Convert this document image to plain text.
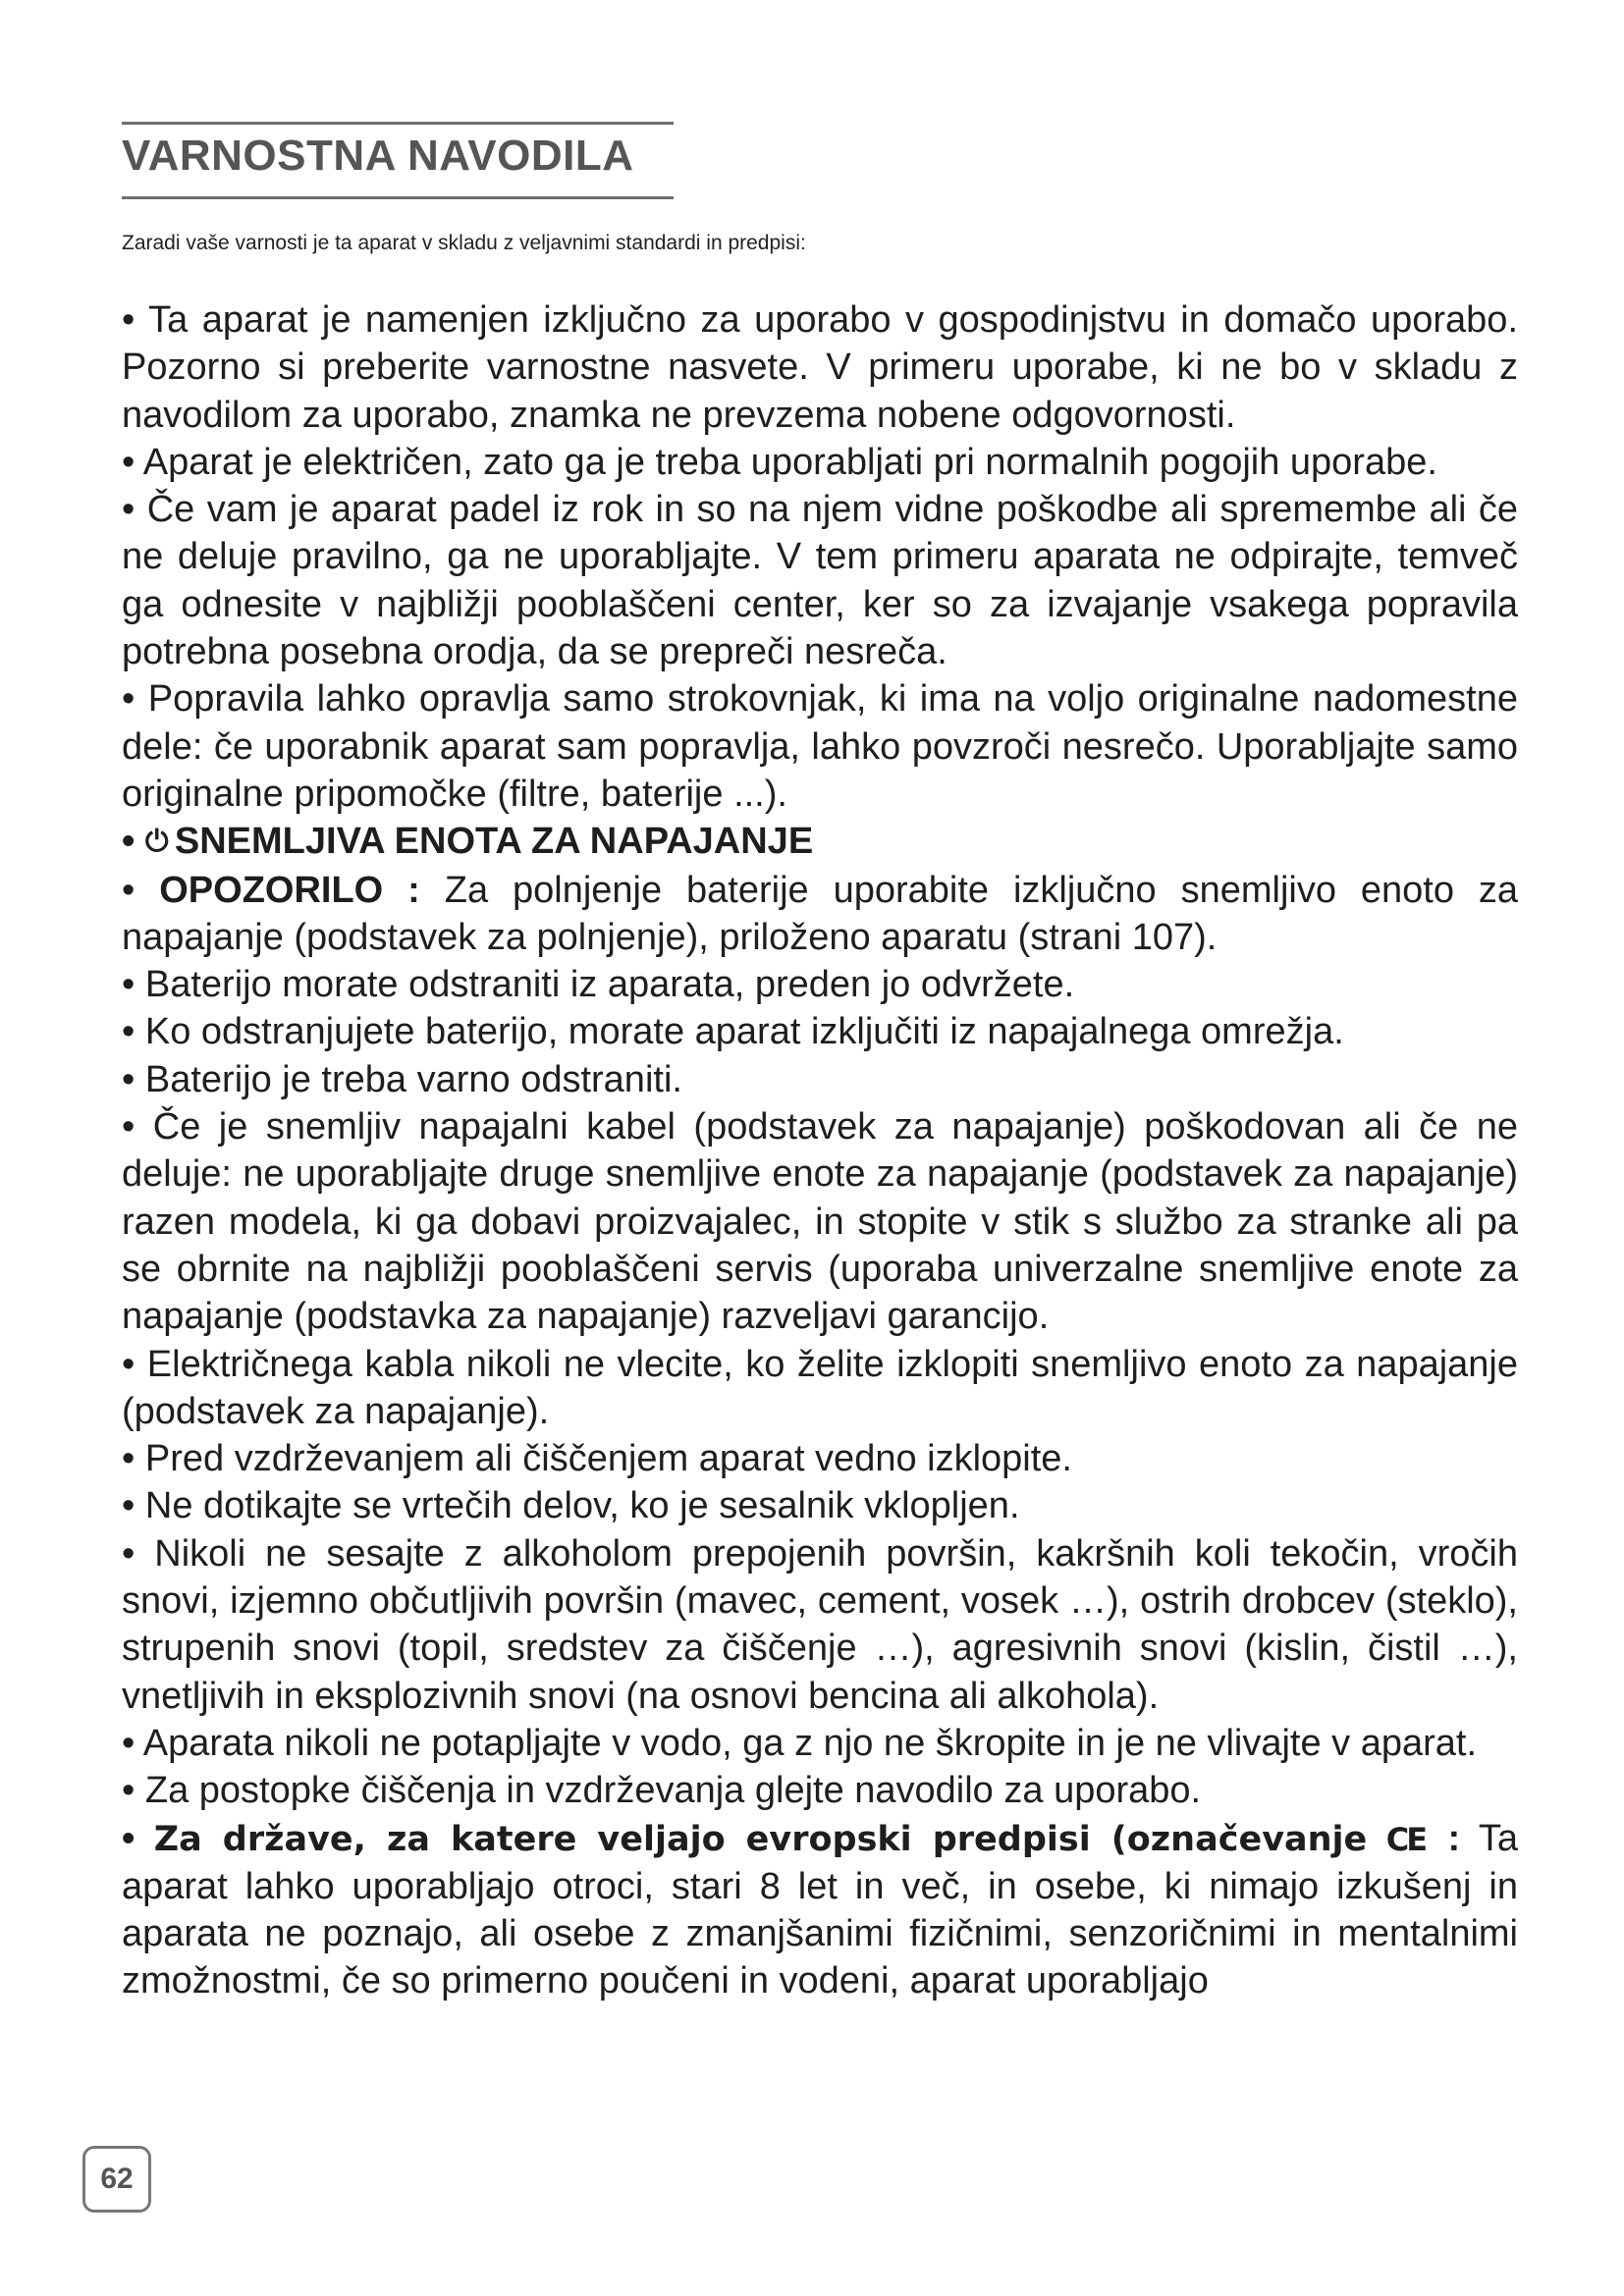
VARNOSTNA NAVODILA

Zaradi vaše varnosti je ta aparat v skladu z veljavnimi standardi in predpisi:

• Ta aparat je namenjen izključno za uporabo v gospodinjstvu in domačo uporabo. Pozorno si preberite varnostne nasvete. V primeru uporabe, ki ne bo v skladu z navodilom za uporabo, znamka ne prevzema nobene odgovornosti.

• Aparat je električen, zato ga je treba uporabljati pri normalnih pogojih uporabe.

• Če vam je aparat padel iz rok in so na njem vidne poškodbe ali spremembe ali če ne deluje pravilno, ga ne uporabljajte. V tem primeru aparata ne odpirajte, temveč ga odnesite v najbližji pooblaščeni center, ker so za izvajanje vsakega popravila potrebna posebna orodja, da se prepreči nesreča.

• Popravila lahko opravlja samo strokovnjak, ki ima na voljo originalne nadomestne dele: če uporabnik aparat sam popravlja, lahko povzroči nesrečo. Uporabljajte samo originalne pripomočke (filtre, baterije ...).

• ⏻ SNEMLJIVA ENOTA ZA NAPAJANJE

• OPOZORILO : Za polnjenje baterije uporabite izključno snemljivo enoto za napajanje (podstavek za polnjenje), priloženo aparatu (strani 107).

• Baterijo morate odstraniti iz aparata, preden jo odvržete.

• Ko odstranjujete baterijo, morate aparat izključiti iz napajalnega omrežja.

• Baterijo je treba varno odstraniti.

• Če je snemljiv napajalni kabel (podstavek za napajanje) poškodovan ali če ne deluje: ne uporabljajte druge snemljive enote za napajanje (podstavek za napajanje) razen modela, ki ga dobavi proizvajalec, in stopite v stik s službo za stranke ali pa se obrnite na najbližji pooblaščeni servis (uporaba univerzalne snemljive enote za napajanje (podstavka za napajanje) razveljavi garancijo.

• Električnega kabla nikoli ne vlecite, ko želite izklopiti snemljivo enoto za napajanje (podstavek za napajanje).

• Pred vzdrževanjem ali čiščenjem aparat vedno izklopite.

• Ne dotikajte se vrtečih delov, ko je sesalnik vklopljen.

• Nikoli ne sesajte z alkoholom prepojenih površin, kakršnih koli tekočin, vročih snovi, izjemno občutljivih površin (mavec, cement, vosek …), ostrih drobcev (steklo), strupenih snovi (topil, sredstev za čiščenje …), agresivnih snovi (kislin, čistil …), vnetljivih in eksplozivnih snovi (na osnovi bencina ali alkohola).

• Aparata nikoli ne potapljajte v vodo, ga z njo ne škropite in je ne vlivajte v aparat.

• Za postopke čiščenja in vzdrževanja glejte navodilo za uporabo.

• Za države, za katere veljajo evropski predpisi (označevanje CE : Ta aparat lahko uporabljajo otroci, stari 8 let in več, in osebe, ki nimajo izkušenj in aparata ne poznajo, ali osebe z zmanjšanimi fizičnimi, senzoričnimi in mentalnimi zmožnostmi, če so primerno poučeni in vodeni, aparat uporabljajo

62
